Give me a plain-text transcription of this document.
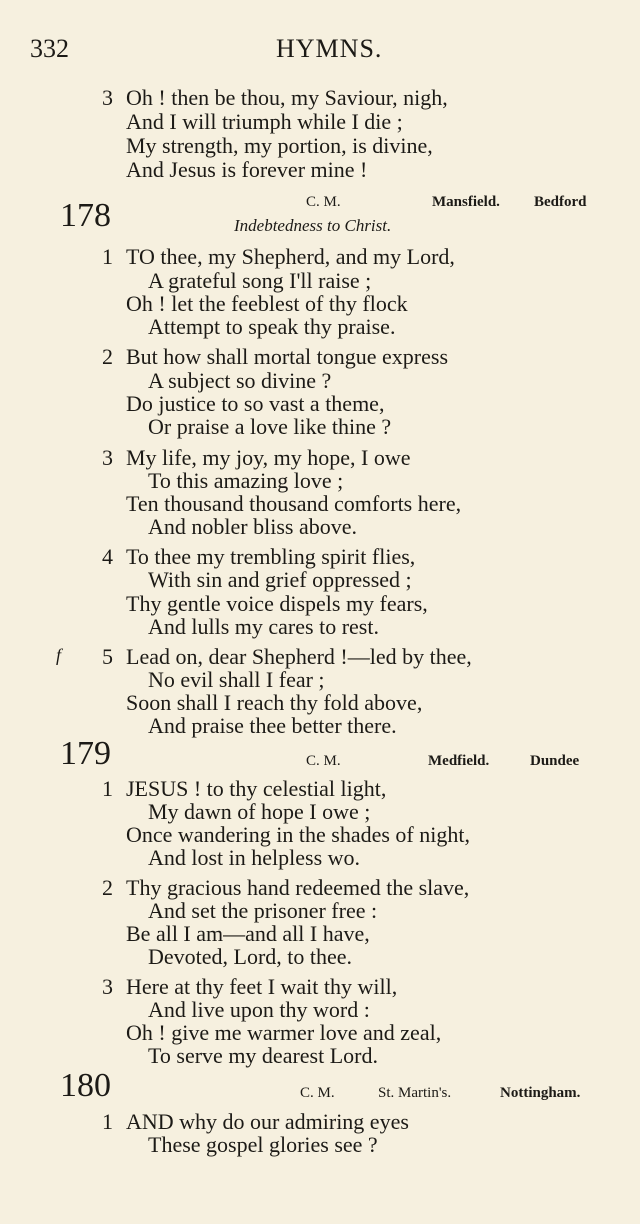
332	HYMNS.
3 Oh ! then be thou, my Saviour, nigh,
And I will triumph while I die ;
My strength, my portion, is divine,
And Jesus is forever mine !
178	C. M.	Mansfield. Bedford
Indebtedness to Christ.
1 TO thee, my Shepherd, and my Lord,
A grateful song I'll raise ;
Oh ! let the feeblest of thy flock
Attempt to speak thy praise.
2 But how shall mortal tongue express
A subject so divine ?
Do justice to so vast a theme,
Or praise a love like thine ?
3 My life, my joy, my hope, I owe
To this amazing love ;
Ten thousand thousand comforts here,
And nobler bliss above.
4 To thee my trembling spirit flies,
With sin and grief oppressed ;
Thy gentle voice dispels my fears,
And lulls my cares to rest.
f 5 Lead on, dear Shepherd !—led by thee,
No evil shall I fear ;
Soon shall I reach thy fold above,
And praise thee better there.
179	C. M.	Medfield.	Dundee
1 JESUS ! to thy celestial light,
My dawn of hope I owe ;
Once wandering in the shades of night,
And lost in helpless wo.
2 Thy gracious hand redeemed the slave,
And set the prisoner free :
Be all I am—and all I have,
Devoted, Lord, to thee.
3 Here at thy feet I wait thy will,
And live upon thy word :
Oh ! give me warmer love and zeal,
To serve my dearest Lord.
180	C. M.	St. Martin's.	Nottingham.
1 AND why do our admiring eyes
These gospel glories see ?
